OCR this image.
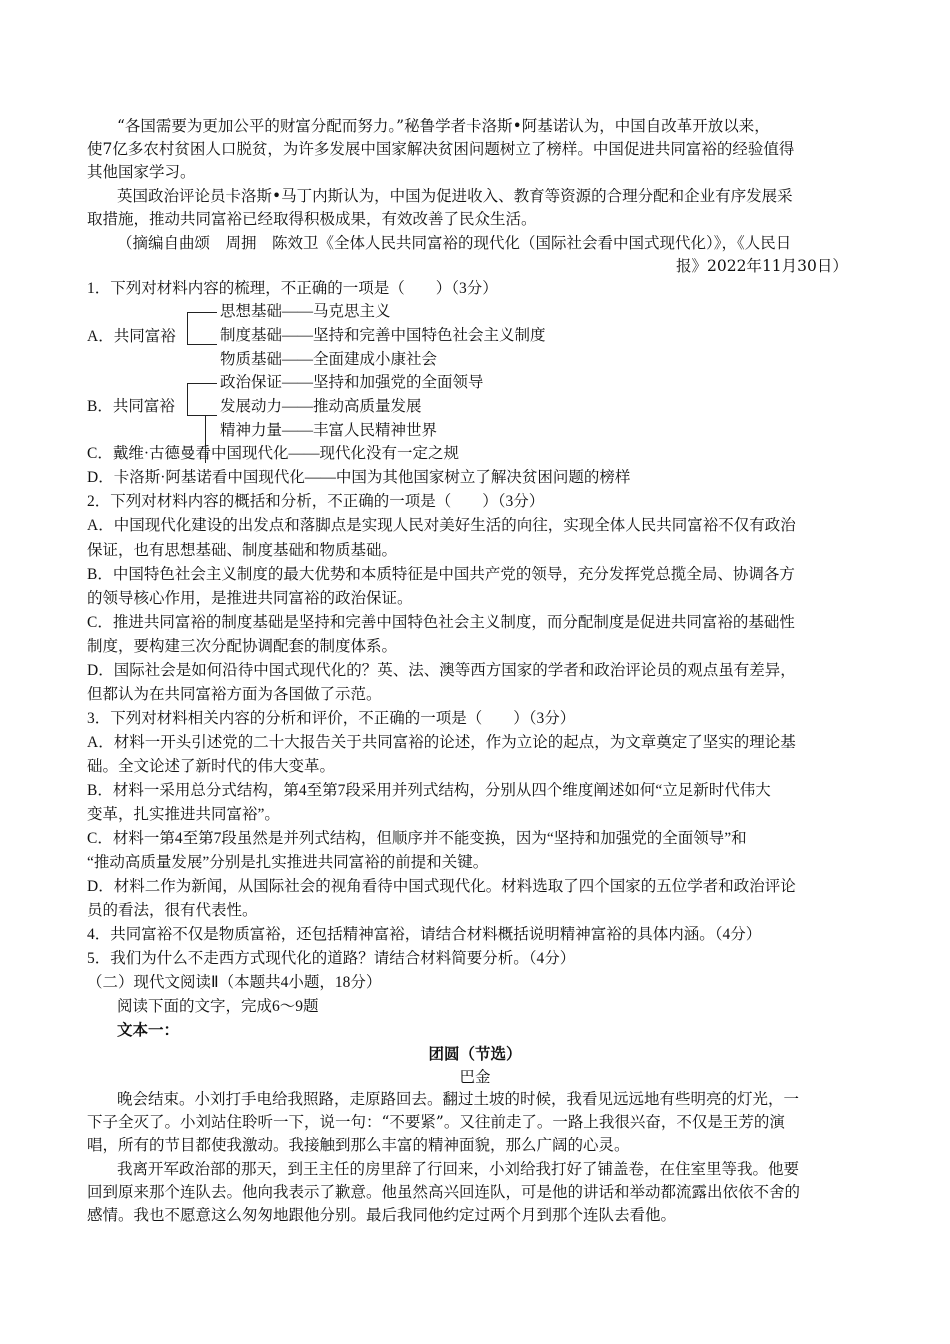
“各国需要为更加公平的财富分配而努力。”秘鲁学者卡洛斯•阿基诺认为，中国自改革开放以来，
使7亿多农村贫困人口脱贫，为许多发展中国家解决贫困问题树立了榜样。中国促进共同富裕的经验值得
其他国家学习。
英国政治评论员卡洛斯•马丁内斯认为，中国为促进收入、教育等资源的合理分配和企业有序发展采
取措施，推动共同富裕已经取得积极成果，有效改善了民众生活。
（摘编自曲颂　周拥　陈效卫《全体人民共同富裕的现代化（国际社会看中国式现代化）》，《人民日
报》2022年11月30日）
1．下列对材料内容的梳理，不正确的一项是（　　）（3分）
A．共同富裕
思想基础——马克思主义
制度基础——坚持和完善中国特色社会主义制度
物质基础——全面建成小康社会
B．共同富裕
政治保证——坚持和加强党的全面领导
发展动力——推动高质量发展
精神力量——丰富人民精神世界
C．戴维·古德曼看中国现代化——现代化没有一定之规
D．卡洛斯·阿基诺看中国现代化——中国为其他国家树立了解决贫困问题的榜样
2．下列对材料内容的概括和分析，不正确的一项是（　　）（3分）
A．中国现代化建设的出发点和落脚点是实现人民对美好生活的向往，实现全体人民共同富裕不仅有政治
保证，也有思想基础、制度基础和物质基础。
B．中国特色社会主义制度的最大优势和本质特征是中国共产党的领导，充分发挥党总揽全局、协调各方
的领导核心作用，是推进共同富裕的政治保证。
C．推进共同富裕的制度基础是坚持和完善中国特色社会主义制度，而分配制度是促进共同富裕的基础性
制度，要构建三次分配协调配套的制度体系。
D．国际社会是如何沿待中国式现代化的？英、法、澳等西方国家的学者和政治评论员的观点虽有差异，
但都认为在共同富裕方面为各国做了示范。
3．下列对材料相关内容的分析和评价，不正确的一项是（　　）（3分）
A．材料一开头引述党的二十大报告关于共同富裕的论述，作为立论的起点，为文章奠定了坚实的理论基
础。全文论述了新时代的伟大变革。
B．材料一采用总分式结构，第4至第7段采用并列式结构，分别从四个维度阐述如何“立足新时代伟大
变革，扎实推进共同富裕”。
C．材料一第4至第7段虽然是并列式结构，但顺序并不能变换，因为“坚持和加强党的全面领导”和
“推动高质量发展”分别是扎实推进共同富裕的前提和关键。
D．材料二作为新闻，从国际社会的视角看待中国式现代化。材料选取了四个国家的五位学者和政治评论
员的看法，很有代表性。
4．共同富裕不仅是物质富裕，还包括精神富裕，请结合材料概括说明精神富裕的具体内涵。（4分）
5．我们为什么不走西方式现代化的道路？请结合材料简要分析。（4分）
（二）现代文阅读Ⅱ（本题共4小题，18分）
阅读下面的文字，完成6～9题
文本一：
团圆（节选）
巴金
晚会结束。小刘打手电给我照路，走原路回去。翻过土坡的时候，我看见远远地有些明亮的灯光，一
下子全灭了。小刘站住聆听一下，说一句：“不要紧”。又往前走了。一路上我很兴奋，不仅是王芳的演
唱，所有的节目都使我激动。我接触到那么丰富的精神面貌，那么广阔的心灵。
我离开军政治部的那天，到王主任的房里辞了行回来，小刘给我打好了铺盖卷，在住室里等我。他要
回到原来那个连队去。他向我表示了歉意。他虽然高兴回连队，可是他的讲话和举动都流露出依依不舍的
感情。我也不愿意这么匆匆地跟他分别。最后我同他约定过两个月到那个连队去看他。
